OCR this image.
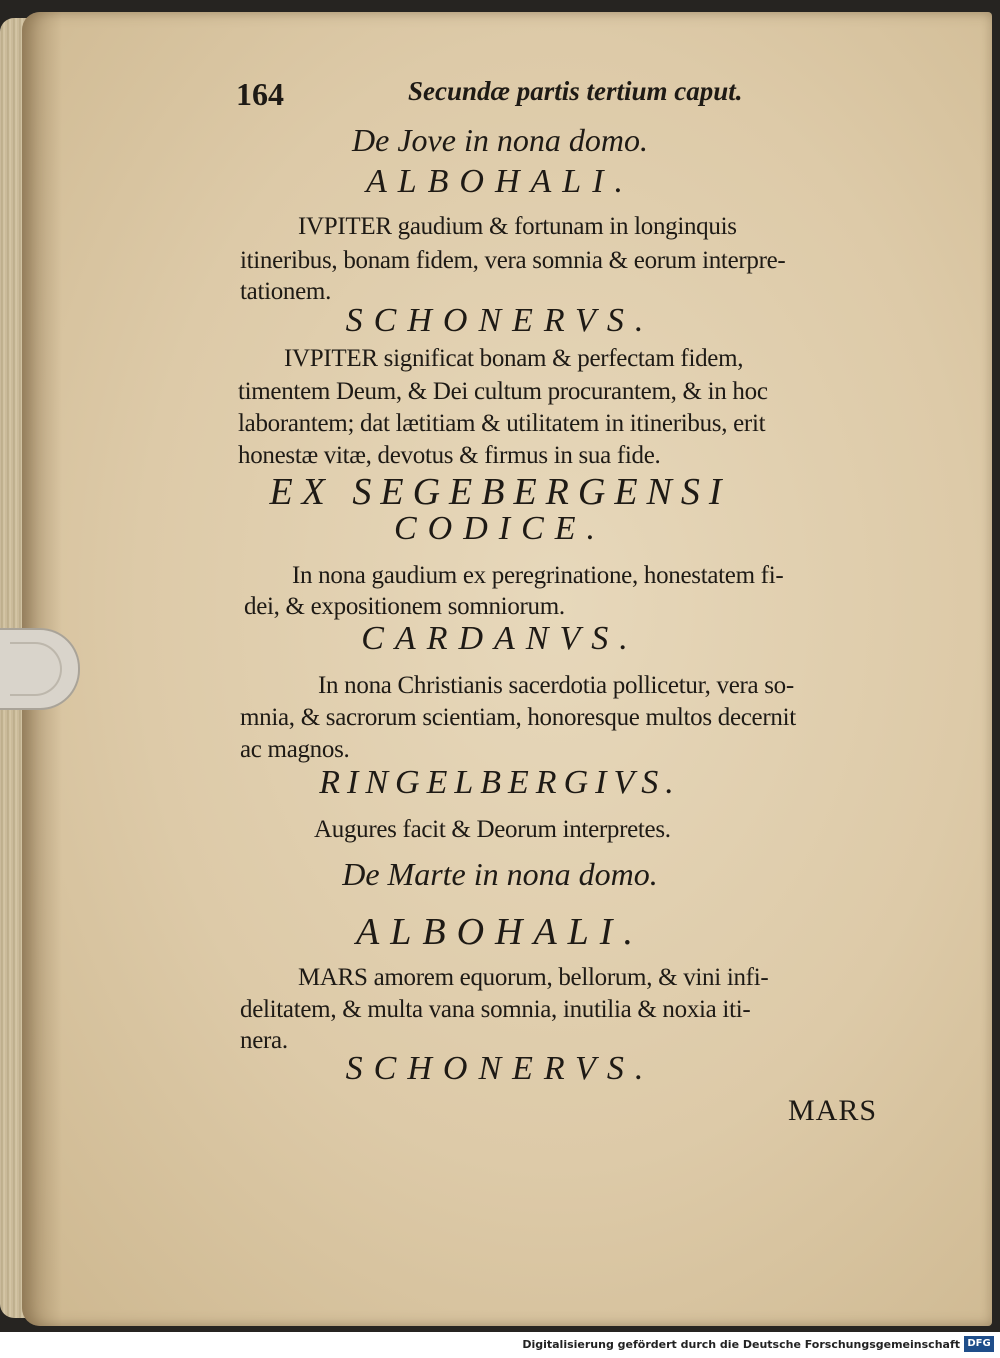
164	Secundæ partis tertium caput.
De Jove in nona domo.
ALBOHALI.
IVPITER gaudium & fortunam in longinquis
itineribus, bonam fidem, vera somnia & eorum interpre-
tationem.
SCHONERVS.
IVPITER significat bonam & perfectam fidem,
timentem Deum, & Dei cultum procurantem, & in hoc
laborantem; dat lætitiam & utilitatem in itineribus, erit
honestæ vitæ, devotus & firmus in sua fide.
EX SEGEBERGENSI
CODICE.
In nona gaudium ex peregrinatione, honestatem fi-
dei, & expositionem somniorum.
CARDANVS.
In nona Christianis sacerdotia pollicetur, vera so-
mnia, & sacrorum scientiam, honoresque multos decernit
ac magnos.
RINGELBERGIVS.
Augures facit & Deorum interpretes.
De Marte in nona domo.
ALBOHALI.
MARS amorem equorum, bellorum, & vini infi-
delitatem, & multa vana somnia, inutilia & noxia iti-
nera.
SCHONERVS.
MARS
Digitalisierung gefördert durch die Deutsche Forschungsgemeinschaft DFG
